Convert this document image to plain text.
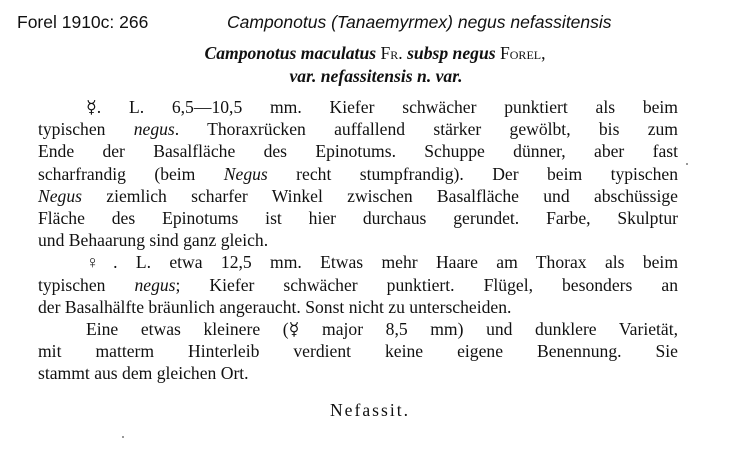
Forel 1910c: 266	Camponotus (Tanaemyrmex) negus nefassitensis
Camponotus maculatus Fr. subsp negus Forel,
var. nefassitensis n. var.
☿. L. 6,5—10,5 mm. Kiefer schwächer punktiert als beim
typischen negus. Thoraxrücken auffallend stärker gewölbt, bis zum
Ende der Basalfläche des Epinotums. Schuppe dünner, aber fast
scharfrandig (beim Negus recht stumpfrandig). Der beim typischen
Negus ziemlich scharfer Winkel zwischen Basalfläche und abschüssige
Fläche des Epinotums ist hier durchaus gerundet. Farbe, Skulptur
und Behaarung sind ganz gleich.
♀. L. etwa 12,5 mm. Etwas mehr Haare am Thorax als beim
typischen negus; Kiefer schwächer punktiert. Flügel, besonders an
der Basalhälfte bräunlich angeraucht. Sonst nicht zu unterscheiden.
Eine etwas kleinere (☿ major 8,5 mm) und dunklere Varietät,
mit matterm Hinterleib verdient keine eigene Benennung. Sie
stammt aus dem gleichen Ort.
Nefassit.
